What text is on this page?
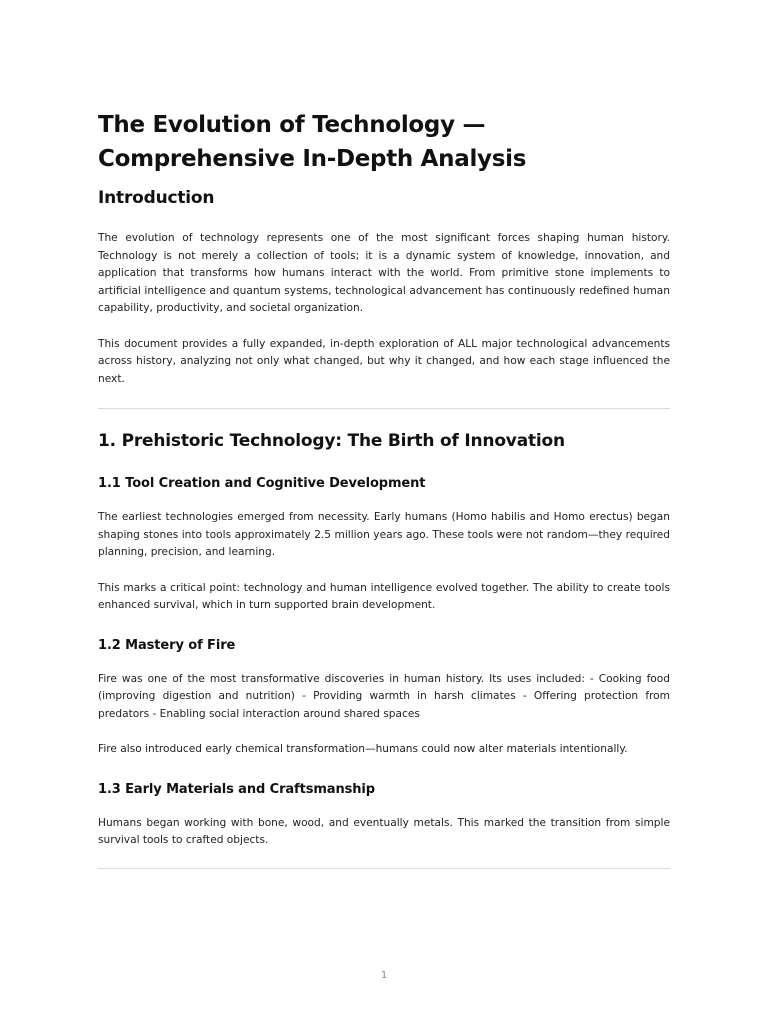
The Evolution of Technology — Comprehensive In-Depth Analysis
Introduction

The evolution of technology represents one of the most significant forces shaping human history. Technology is not merely a collection of tools; it is a dynamic system of knowledge, innovation, and application that transforms how humans interact with the world. From primitive stone implements to artificial intelligence and quantum systems, technological advancement has continuously redefined human capability, productivity, and societal organization.

This document provides a fully expanded, in-depth exploration of ALL major technological advancements across history, analyzing not only what changed, but why it changed, and how each stage influenced the next.

1. Prehistoric Technology: The Birth of Innovation
1.1 Tool Creation and Cognitive Development

The earliest technologies emerged from necessity. Early humans (Homo habilis and Homo erectus) began shaping stones into tools approximately 2.5 million years ago. These tools were not random—they required planning, precision, and learning.

This marks a critical point: technology and human intelligence evolved together. The ability to create tools enhanced survival, which in turn supported brain development.

1.2 Mastery of Fire

Fire was one of the most transformative discoveries in human history. Its uses included: - Cooking food (improving digestion and nutrition) - Providing warmth in harsh climates - Offering protection from predators - Enabling social interaction around shared spaces

Fire also introduced early chemical transformation—humans could now alter materials intentionally.

1.3 Early Materials and Craftsmanship

Humans began working with bone, wood, and eventually metals. This marked the transition from simple survival tools to crafted objects.

1
